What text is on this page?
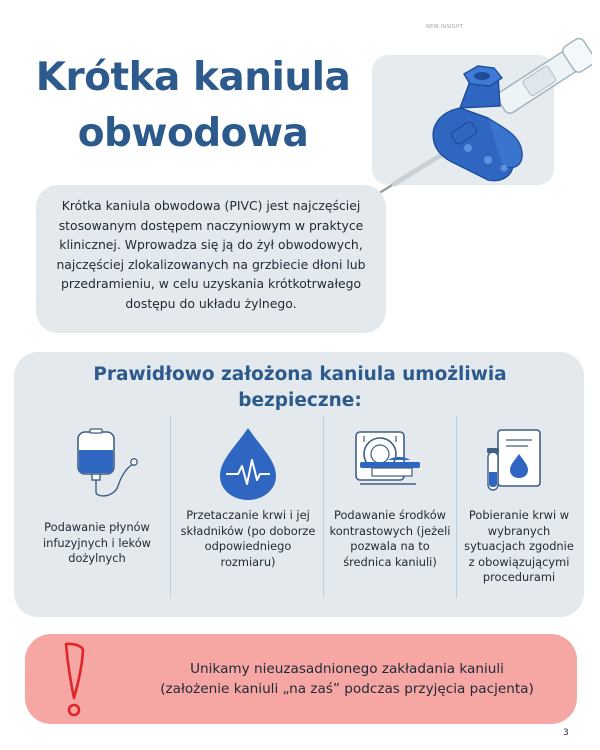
NEW·INSIGHT
Krótka kaniula
obwodowa
Krótka kaniula obwodowa (PIVC) jest najczęściej stosowanym dostępem naczyniowym w praktyce klinicznej. Wprowadza się ją do żył obwodowych, najczęściej zlokalizowanych na grzbiecie dłoni lub przedramieniu, w celu uzyskania krótkotrwałego dostępu do układu żylnego.
Prawidłowo założona kaniula umożliwia
bezpieczne:
Podawanie płynów infuzyjnych i leków dożylnych
Przetaczanie krwi i jej składników (po doborze odpowiedniego rozmiaru)
Podawanie środków kontrastowych (jeżeli pozwala na to średnica kaniuli)
Pobieranie krwi w wybranych sytuacjach zgodnie z obowiązującymi procedurami
Unikamy nieuzasadnionego zakładania kaniuli
(założenie kaniuli „na zaś” podczas przyjęcia pacjenta)
3
